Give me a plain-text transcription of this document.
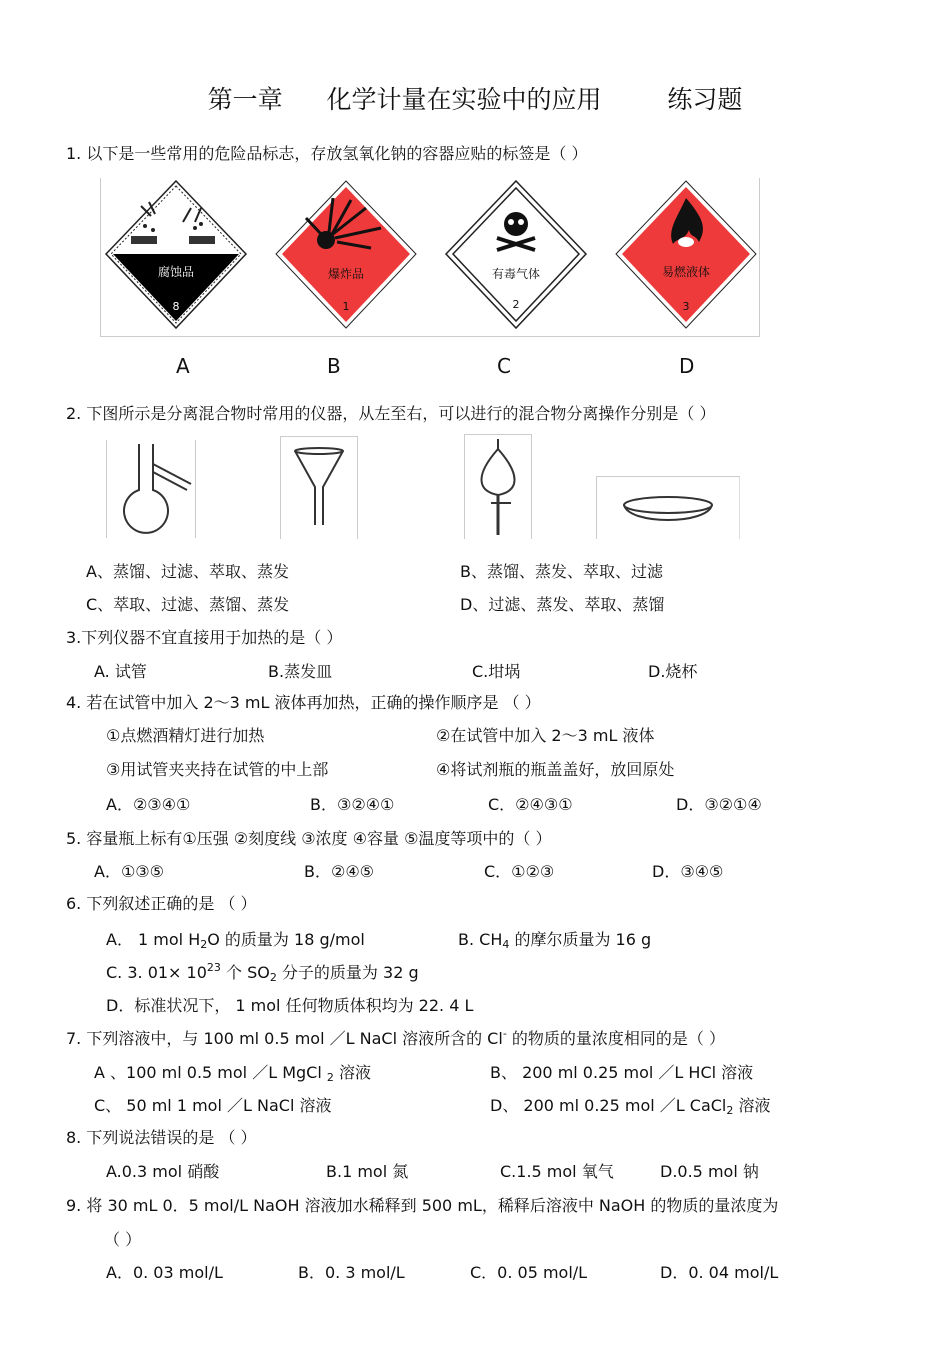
第一章 化学计量在实验中的应用	练习题
1. 以下是一些常用的危险品标志，存放氢氧化钠的容器应贴的标签是（ ）
腐蚀品
8
爆炸品
1
有毒气体
2
易燃液体
3
A	B	C	D
2. 下图所示是分离混合物时常用的仪器，从左至右，可以进行的混合物分离操作分别是（ ）
A、蒸馏、过滤、萃取、蒸发	B、蒸馏、蒸发、萃取、过滤
C、萃取、过滤、蒸馏、蒸发	D、过滤、蒸发、萃取、蒸馏
3.下列仪器不宜直接用于加热的是（ ）
A. 试管	B.蒸发皿	C.坩埚	D.烧杯
4. 若在试管中加入 2～3 mL 液体再加热，正确的操作顺序是 （ ）
①点燃酒精灯进行加热	②在试管中加入 2～3 mL 液体
③用试管夹夹持在试管的中上部	④将试剂瓶的瓶盖盖好，放回原处
A．②③④①	B．③②④①	C．②④③①	D．③②①④
5. 容量瓶上标有①压强 ②刻度线 ③浓度 ④容量 ⑤温度等项中的（ ）
A．①③⑤	B．②④⑤	C．①②③	D．③④⑤
6. 下列叙述正确的是 （ ）
A． 1 mol $H_2O$ 的质量为 18 g/mol	B. $CH_4$ 的摩尔质量为 16 g
C. 3. $01\times 10^{23}$ 个 $SO_2$ 分子的质量为 32 g
D．标准状况下， 1 mol 任何物质体积均为 22. 4 L
7. 下列溶液中，与 100 ml 0.5 mol ／L NaCl 溶液所含的 Cl- 的物质的量浓度相同的是（ ）
A 、100 ml 0.5 mol ／L MgCl $_2$ 溶液	B、 200 ml 0.25 mol ／L HCl 溶液
C、 50 ml 1 mol ／L NaCl 溶液	D、 200 ml 0.25 mol ／L CaCl$_2$ 溶液
8. 下列说法错误的是 （ ）
A.0.3 mol 硝酸	B.1 mol 氮	C.1.5 mol 氧气	D.0.5 mol 钠
9. 将 30 mL 0．5 mol/L NaOH 溶液加水稀释到 500 mL，稀释后溶液中 NaOH 的物质的量浓度为
（ ）
A．0. 03 mol/L	B．0. 3 mol/L	C．0. 05 mol/L	D．0. 04 mol/L
